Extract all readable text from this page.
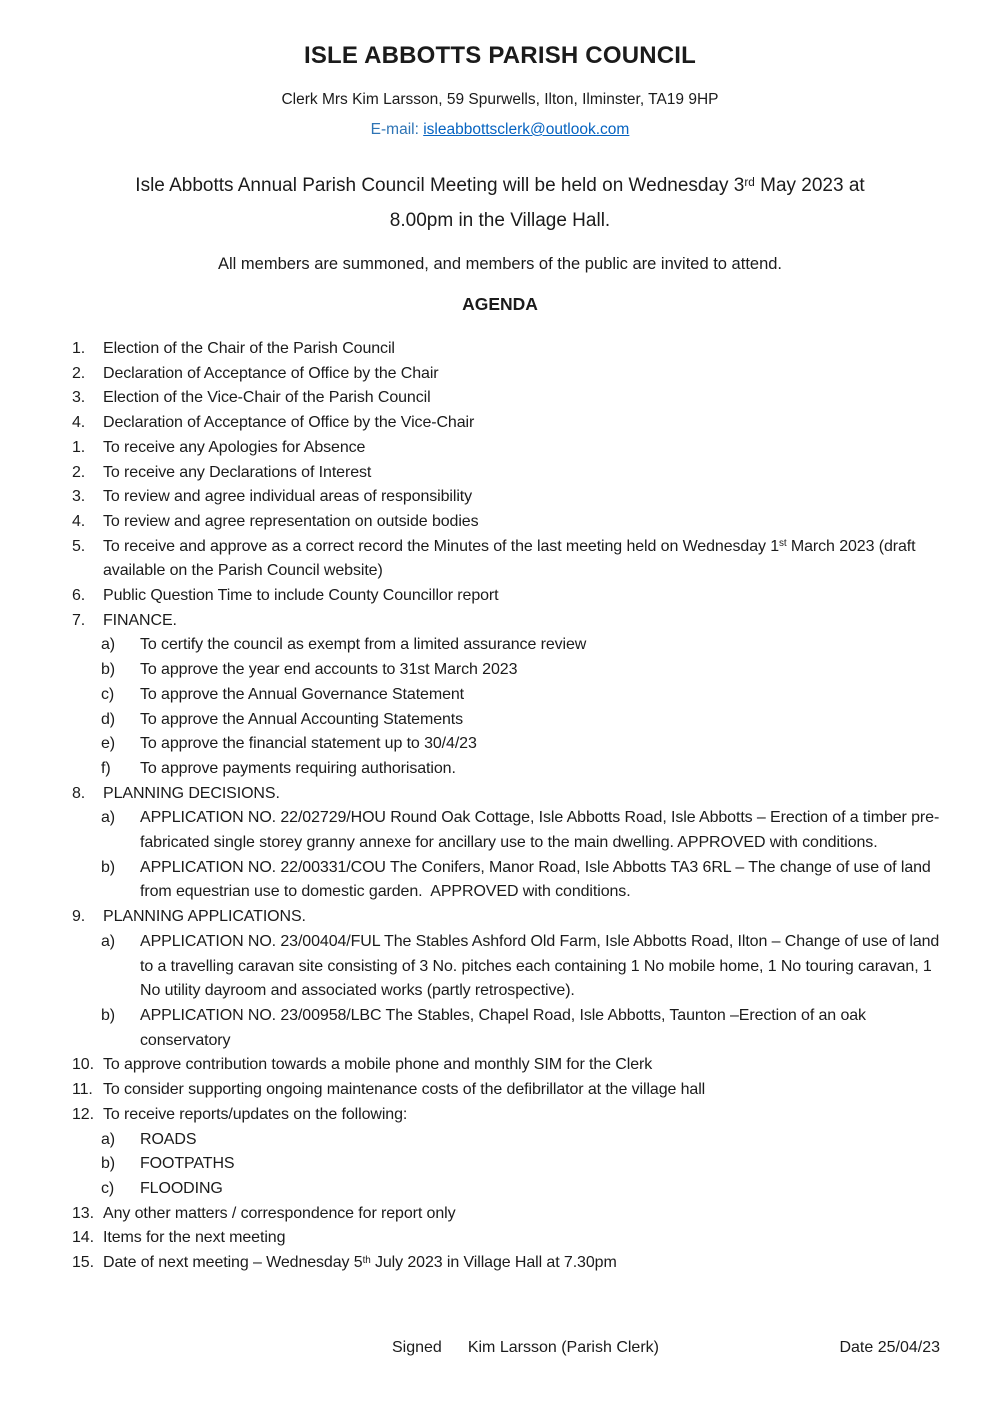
ISLE ABBOTTS PARISH COUNCIL
Clerk Mrs Kim Larsson, 59 Spurwells, Ilton, Ilminster, TA19 9HP
E-mail: isleabbottsclerk@outlook.com
Isle Abbotts Annual Parish Council Meeting will be held on Wednesday 3rd May 2023 at
8.00pm in the Village Hall.
All members are summoned, and members of the public are invited to attend.
AGENDA
1.	Election of the Chair of the Parish Council
2.	Declaration of Acceptance of Office by the Chair
3.	Election of the Vice-Chair of the Parish Council
4.	Declaration of Acceptance of Office by the Vice-Chair
1.	To receive any Apologies for Absence
2.	To receive any Declarations of Interest
3.	To review and agree individual areas of responsibility
4.	To review and agree representation on outside bodies
5.	To receive and approve as a correct record the Minutes of the last meeting held on Wednesday 1st March 2023 (draft available on the Parish Council website)
6.	Public Question Time to include County Councillor report
7.	FINANCE.
a)	To certify the council as exempt from a limited assurance review
b)	To approve the year end accounts to 31st March 2023
c)	To approve the Annual Governance Statement
d)	To approve the Annual Accounting Statements
e)	To approve the financial statement up to 30/4/23
f)	To approve payments requiring authorisation.
8.	PLANNING DECISIONS.
a)	APPLICATION NO. 22/02729/HOU Round Oak Cottage, Isle Abbotts Road, Isle Abbotts – Erection of a timber pre-fabricated single storey granny annexe for ancillary use to the main dwelling. APPROVED with conditions.
b)	APPLICATION NO. 22/00331/COU The Conifers, Manor Road, Isle Abbotts TA3 6RL – The change of use of land from equestrian use to domestic garden.  APPROVED with conditions.
9.	PLANNING APPLICATIONS.
a)	APPLICATION NO. 23/00404/FUL The Stables Ashford Old Farm, Isle Abbotts Road, Ilton – Change of use of land to a travelling caravan site consisting of 3 No. pitches each containing 1 No mobile home, 1 No touring caravan, 1 No utility dayroom and associated works (partly retrospective).
b)	APPLICATION NO. 23/00958/LBC The Stables, Chapel Road, Isle Abbotts, Taunton –Erection of an oak conservatory
10. To approve contribution towards a mobile phone and monthly SIM for the Clerk
11. To consider supporting ongoing maintenance costs of the defibrillator at the village hall
12. To receive reports/updates on the following:
a)	ROADS
b)	FOOTPATHS
c)	FLOODING
13. Any other matters / correspondence for report only
14. Items for the next meeting
15. Date of next meeting – Wednesday 5th July 2023 in Village Hall at 7.30pm
Signed Kim Larsson (Parish Clerk)	Date 25/04/23
